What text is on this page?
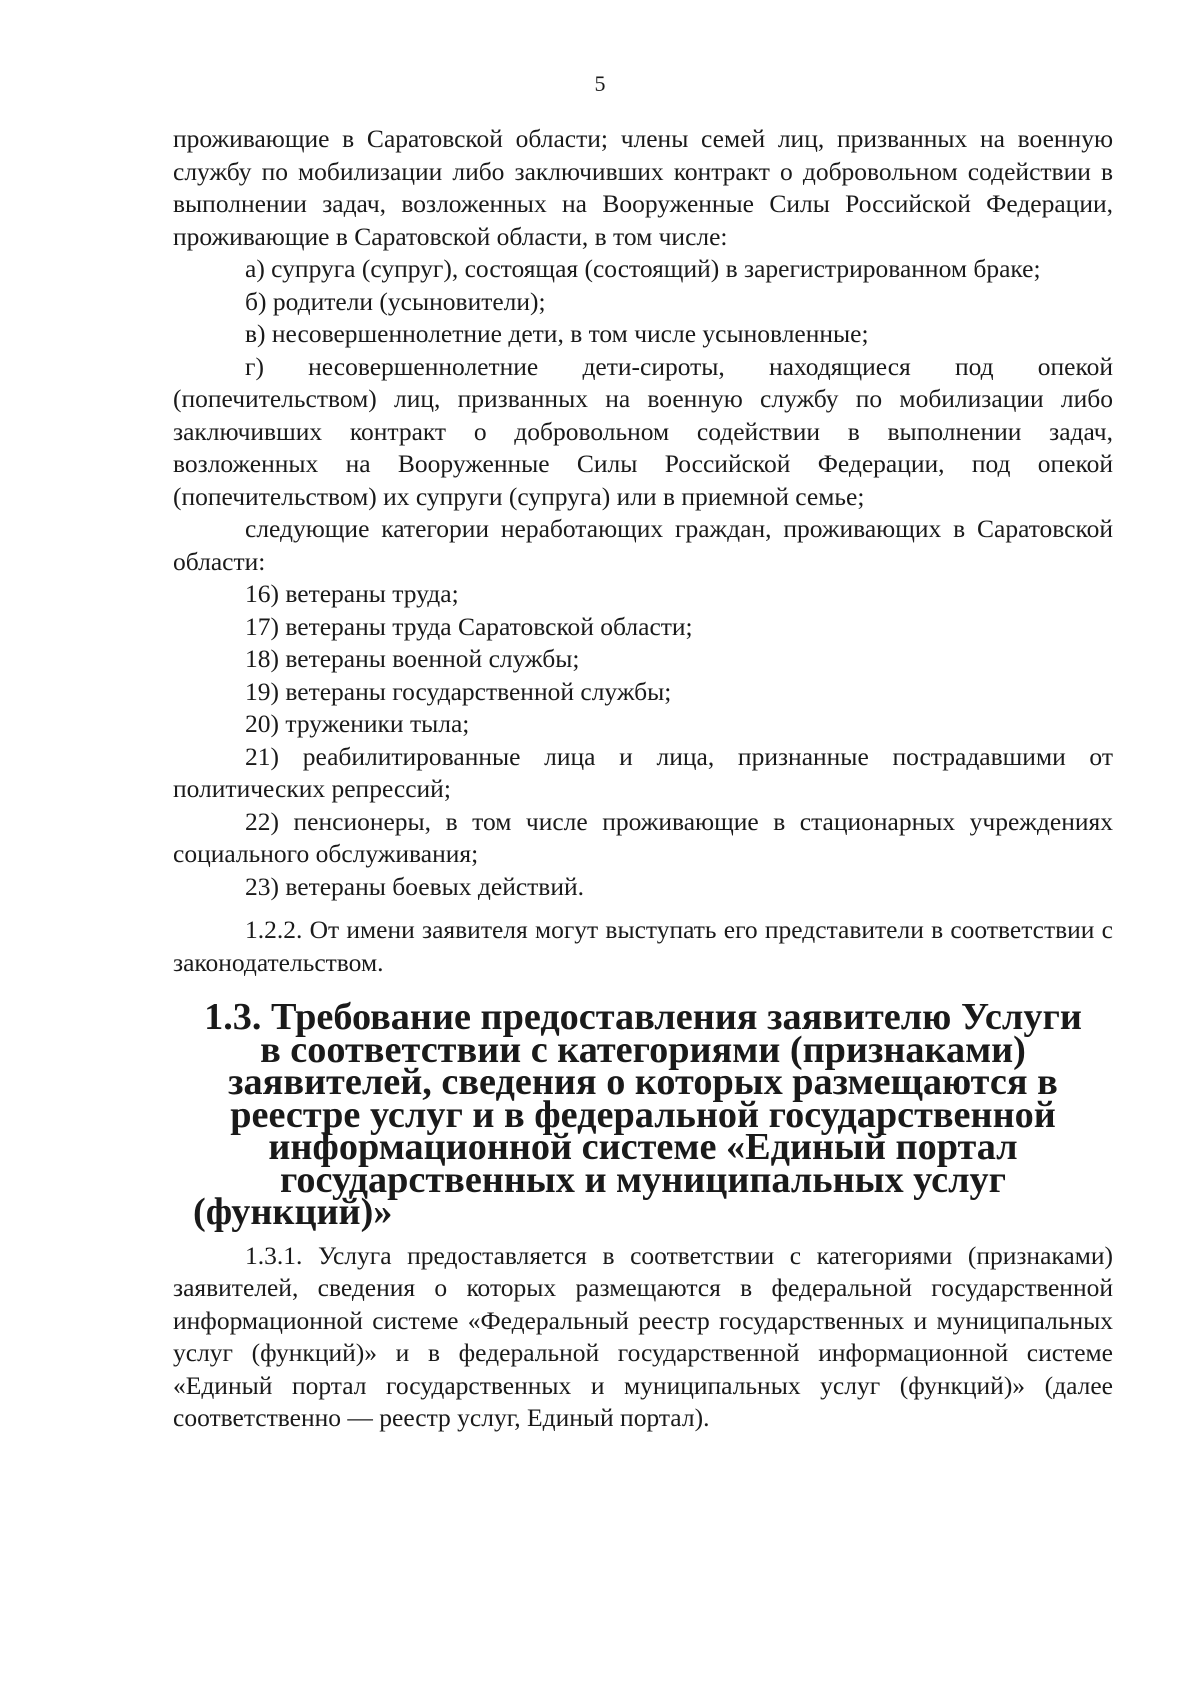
5

проживающие в Саратовской области; члены семей лиц, призванных на военную службу по мобилизации либо заключивших контракт о добровольном содействии в выполнении задач, возложенных на Вооруженные Силы Российской Федерации, проживающие в Саратовской области, в том числе:

а) супруга (супруг), состоящая (состоящий) в зарегистрированном браке;

б) родители (усыновители);

в) несовершеннолетние дети, в том числе усыновленные;

г) несовершеннолетние дети-сироты, находящиеся под опекой (попечительством) лиц, призванных на военную службу по мобилизации либо заключивших контракт о добровольном содействии в выполнении задач, возложенных на Вооруженные Силы Российской Федерации, под опекой (попечительством) их супруги (супруга) или в приемной семье;

следующие категории неработающих граждан, проживающих в Саратовской области:

16) ветераны труда;

17) ветераны труда Саратовской области;

18) ветераны военной службы;

19) ветераны государственной службы;

20) труженики тыла;

21) реабилитированные лица и лица, признанные пострадавшими от политических репрессий;

22) пенсионеры, в том числе проживающие в стационарных учреждениях социального обслуживания;

23) ветераны боевых действий.

1.2.2. От имени заявителя могут выступать его представители в соответствии с законодательством.

1.3. Требование предоставления заявителю Услуги в соответствии с категориями (признаками) заявителей, сведения о которых размещаются в реестре услуг и в федеральной государственной информационной системе «Единый портал государственных и муниципальных услуг (функций)»

1.3.1. Услуга предоставляется в соответствии с категориями (признаками) заявителей, сведения о которых размещаются в федеральной государственной информационной системе «Федеральный реестр государственных и муниципальных услуг (функций)» и в федеральной государственной информационной системе «Единый портал государственных и муниципальных услуг (функций)» (далее соответственно — реестр услуг, Единый портал).
